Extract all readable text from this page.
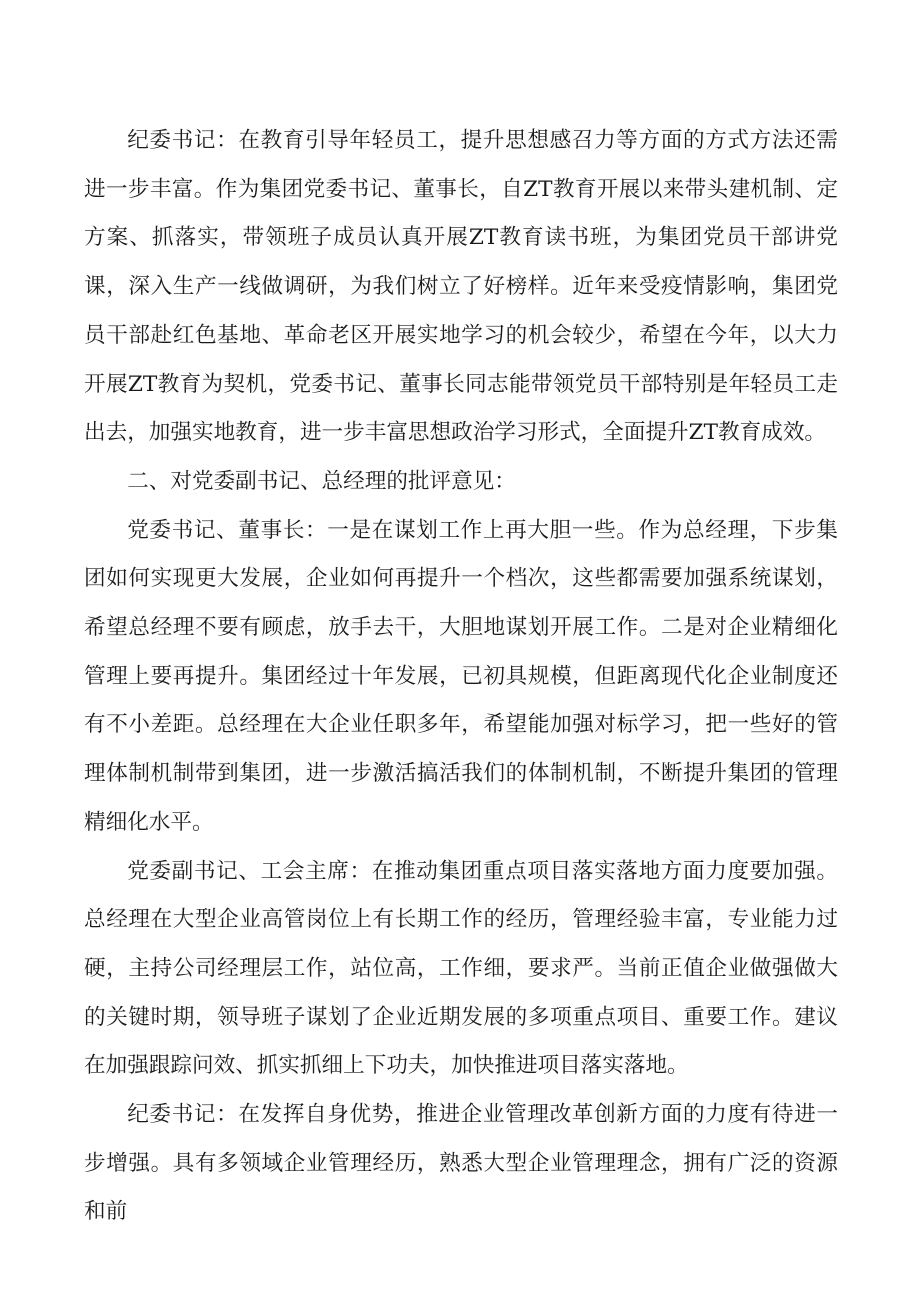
纪委书记：在教育引导年轻员工，提升思想感召力等方面的方式方法还需进一步丰富。作为集团党委书记、董事长，自ZT教育开展以来带头建机制、定方案、抓落实，带领班子成员认真开展ZT教育读书班，为集团党员干部讲党课，深入生产一线做调研，为我们树立了好榜样。近年来受疫情影响，集团党员干部赴红色基地、革命老区开展实地学习的机会较少，希望在今年，以大力开展ZT教育为契机，党委书记、董事长同志能带领党员干部特别是年轻员工走出去，加强实地教育，进一步丰富思想政治学习形式，全面提升ZT教育成效。

二、对党委副书记、总经理的批评意见：

党委书记、董事长：一是在谋划工作上再大胆一些。作为总经理，下步集团如何实现更大发展，企业如何再提升一个档次，这些都需要加强系统谋划，希望总经理不要有顾虑，放手去干，大胆地谋划开展工作。二是对企业精细化管理上要再提升。集团经过十年发展，已初具规模，但距离现代化企业制度还有不小差距。总经理在大企业任职多年，希望能加强对标学习，把一些好的管理体制机制带到集团，进一步激活搞活我们的体制机制，不断提升集团的管理精细化水平。

党委副书记、工会主席：在推动集团重点项目落实落地方面力度要加强。总经理在大型企业高管岗位上有长期工作的经历，管理经验丰富，专业能力过硬，主持公司经理层工作，站位高，工作细，要求严。当前正值企业做强做大的关键时期，领导班子谋划了企业近期发展的多项重点项目、重要工作。建议在加强跟踪问效、抓实抓细上下功夫，加快推进项目落实落地。

纪委书记：在发挥自身优势，推进企业管理改革创新方面的力度有待进一步增强。具有多领域企业管理经历，熟悉大型企业管理理念，拥有广泛的资源和前
